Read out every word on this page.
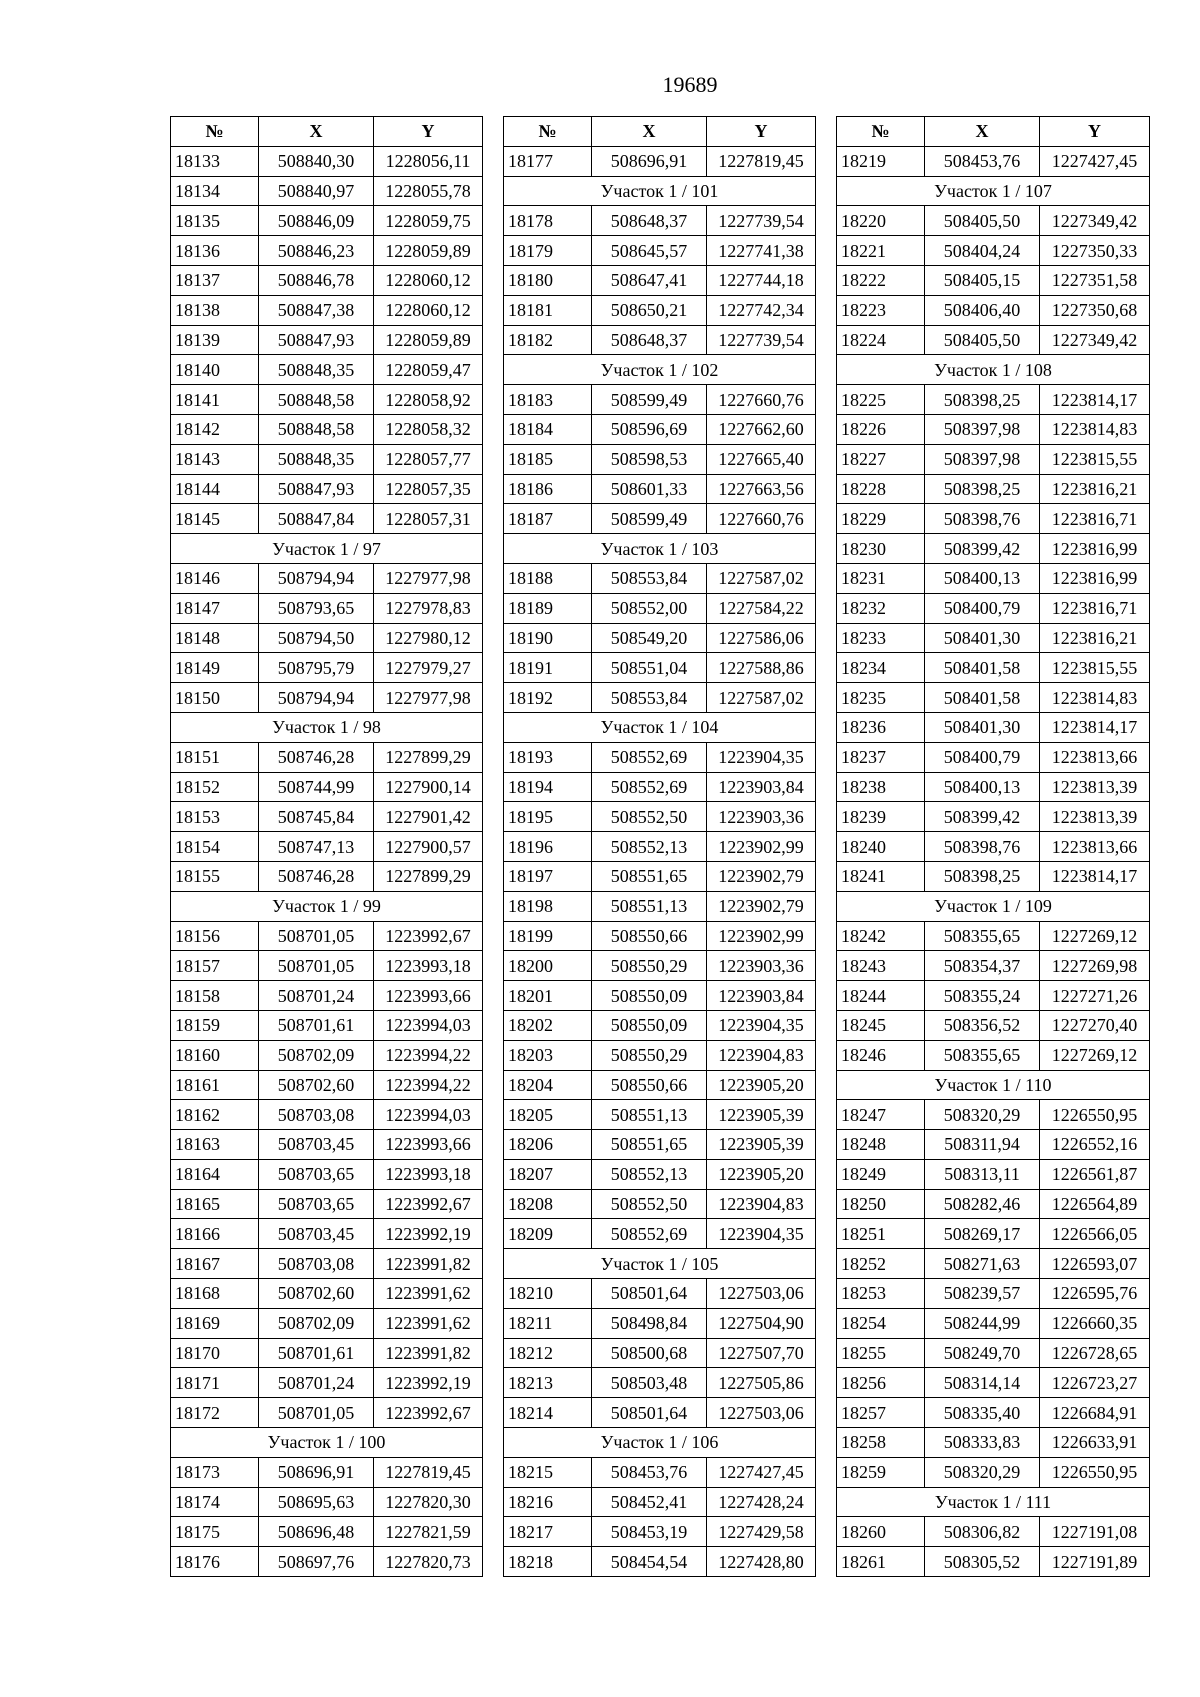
19689
№	X	Y
18133	508840,30	1228056,11
18134	508840,97	1228055,78
18135	508846,09	1228059,75
18136	508846,23	1228059,89
18137	508846,78	1228060,12
18138	508847,38	1228060,12
18139	508847,93	1228059,89
18140	508848,35	1228059,47
18141	508848,58	1228058,92
18142	508848,58	1228058,32
18143	508848,35	1228057,77
18144	508847,93	1228057,35
18145	508847,84	1228057,31
Участок 1 / 97		
18146	508794,94	1227977,98
18147	508793,65	1227978,83
18148	508794,50	1227980,12
18149	508795,79	1227979,27
18150	508794,94	1227977,98
Участок 1 / 98		
18151	508746,28	1227899,29
18152	508744,99	1227900,14
18153	508745,84	1227901,42
18154	508747,13	1227900,57
18155	508746,28	1227899,29
Участок 1 / 99		
18156	508701,05	1223992,67
18157	508701,05	1223993,18
18158	508701,24	1223993,66
18159	508701,61	1223994,03
18160	508702,09	1223994,22
18161	508702,60	1223994,22
18162	508703,08	1223994,03
18163	508703,45	1223993,66
18164	508703,65	1223993,18
18165	508703,65	1223992,67
18166	508703,45	1223992,19
18167	508703,08	1223991,82
18168	508702,60	1223991,62
18169	508702,09	1223991,62
18170	508701,61	1223991,82
18171	508701,24	1223992,19
18172	508701,05	1223992,67
Участок 1 / 100		
18173	508696,91	1227819,45
18174	508695,63	1227820,30
18175	508696,48	1227821,59
18176	508697,76	1227820,73
№	X	Y
18177	508696,91	1227819,45
Участок 1 / 101		
18178	508648,37	1227739,54
18179	508645,57	1227741,38
18180	508647,41	1227744,18
18181	508650,21	1227742,34
18182	508648,37	1227739,54
Участок 1 / 102		
18183	508599,49	1227660,76
18184	508596,69	1227662,60
18185	508598,53	1227665,40
18186	508601,33	1227663,56
18187	508599,49	1227660,76
Участок 1 / 103		
18188	508553,84	1227587,02
18189	508552,00	1227584,22
18190	508549,20	1227586,06
18191	508551,04	1227588,86
18192	508553,84	1227587,02
Участок 1 / 104		
18193	508552,69	1223904,35
18194	508552,69	1223903,84
18195	508552,50	1223903,36
18196	508552,13	1223902,99
18197	508551,65	1223902,79
18198	508551,13	1223902,79
18199	508550,66	1223902,99
18200	508550,29	1223903,36
18201	508550,09	1223903,84
18202	508550,09	1223904,35
18203	508550,29	1223904,83
18204	508550,66	1223905,20
18205	508551,13	1223905,39
18206	508551,65	1223905,39
18207	508552,13	1223905,20
18208	508552,50	1223904,83
18209	508552,69	1223904,35
Участок 1 / 105		
18210	508501,64	1227503,06
18211	508498,84	1227504,90
18212	508500,68	1227507,70
18213	508503,48	1227505,86
18214	508501,64	1227503,06
Участок 1 / 106		
18215	508453,76	1227427,45
18216	508452,41	1227428,24
18217	508453,19	1227429,58
18218	508454,54	1227428,80
№	X	Y
18219	508453,76	1227427,45
Участок 1 / 107		
18220	508405,50	1227349,42
18221	508404,24	1227350,33
18222	508405,15	1227351,58
18223	508406,40	1227350,68
18224	508405,50	1227349,42
Участок 1 / 108		
18225	508398,25	1223814,17
18226	508397,98	1223814,83
18227	508397,98	1223815,55
18228	508398,25	1223816,21
18229	508398,76	1223816,71
18230	508399,42	1223816,99
18231	508400,13	1223816,99
18232	508400,79	1223816,71
18233	508401,30	1223816,21
18234	508401,58	1223815,55
18235	508401,58	1223814,83
18236	508401,30	1223814,17
18237	508400,79	1223813,66
18238	508400,13	1223813,39
18239	508399,42	1223813,39
18240	508398,76	1223813,66
18241	508398,25	1223814,17
Участок 1 / 109		
18242	508355,65	1227269,12
18243	508354,37	1227269,98
18244	508355,24	1227271,26
18245	508356,52	1227270,40
18246	508355,65	1227269,12
Участок 1 / 110		
18247	508320,29	1226550,95
18248	508311,94	1226552,16
18249	508313,11	1226561,87
18250	508282,46	1226564,89
18251	508269,17	1226566,05
18252	508271,63	1226593,07
18253	508239,57	1226595,76
18254	508244,99	1226660,35
18255	508249,70	1226728,65
18256	508314,14	1226723,27
18257	508335,40	1226684,91
18258	508333,83	1226633,91
18259	508320,29	1226550,95
Участок 1 / 111		
18260	508306,82	1227191,08
18261	508305,52	1227191,89
